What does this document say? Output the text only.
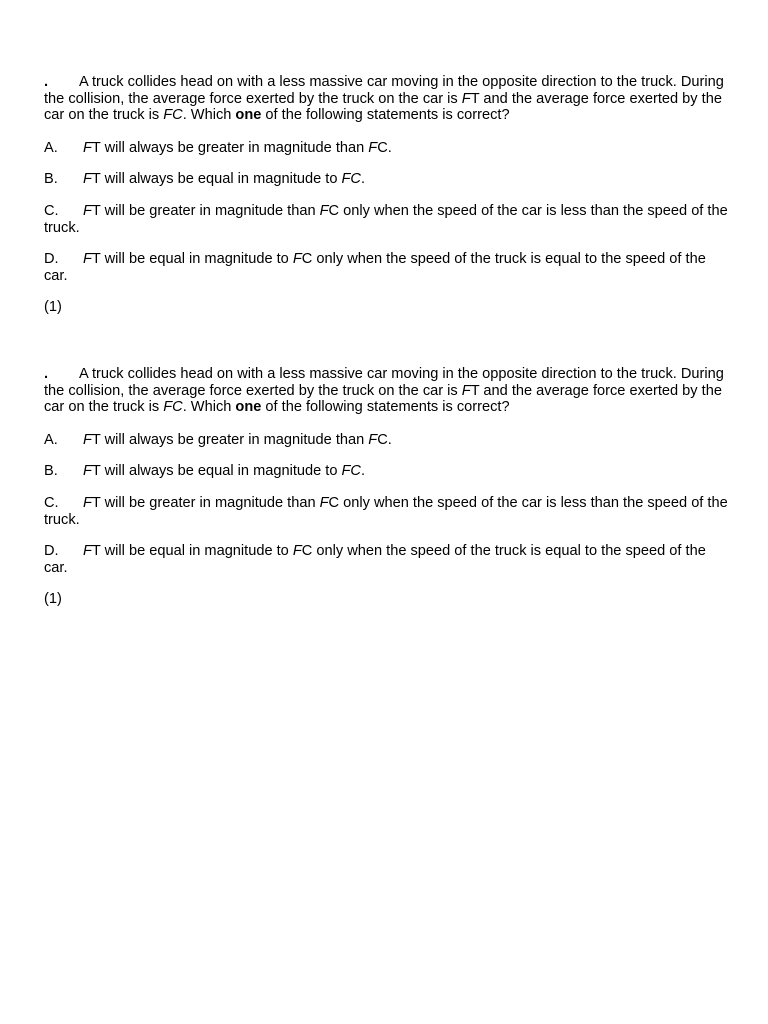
. A truck collides head on with a less massive car moving in the opposite direction to the truck. During the collision, the average force exerted by the truck on the car is FT and the average force exerted by the car on the truck is FC. Which one of the following statements is correct?

A. FT will always be greater in magnitude than FC.

B. FT will always be equal in magnitude to FC.

C. FT will be greater in magnitude than FC only when the speed of the car is less than the speed of the truck.

D. FT will be equal in magnitude to FC only when the speed of the truck is equal to the speed of the car.

(1)

. A truck collides head on with a less massive car moving in the opposite direction to the truck. During the collision, the average force exerted by the truck on the car is FT and the average force exerted by the car on the truck is FC. Which one of the following statements is correct?

A. FT will always be greater in magnitude than FC.

B. FT will always be equal in magnitude to FC.

C. FT will be greater in magnitude than FC only when the speed of the car is less than the speed of the truck.

D. FT will be equal in magnitude to FC only when the speed of the truck is equal to the speed of the car.

(1)
